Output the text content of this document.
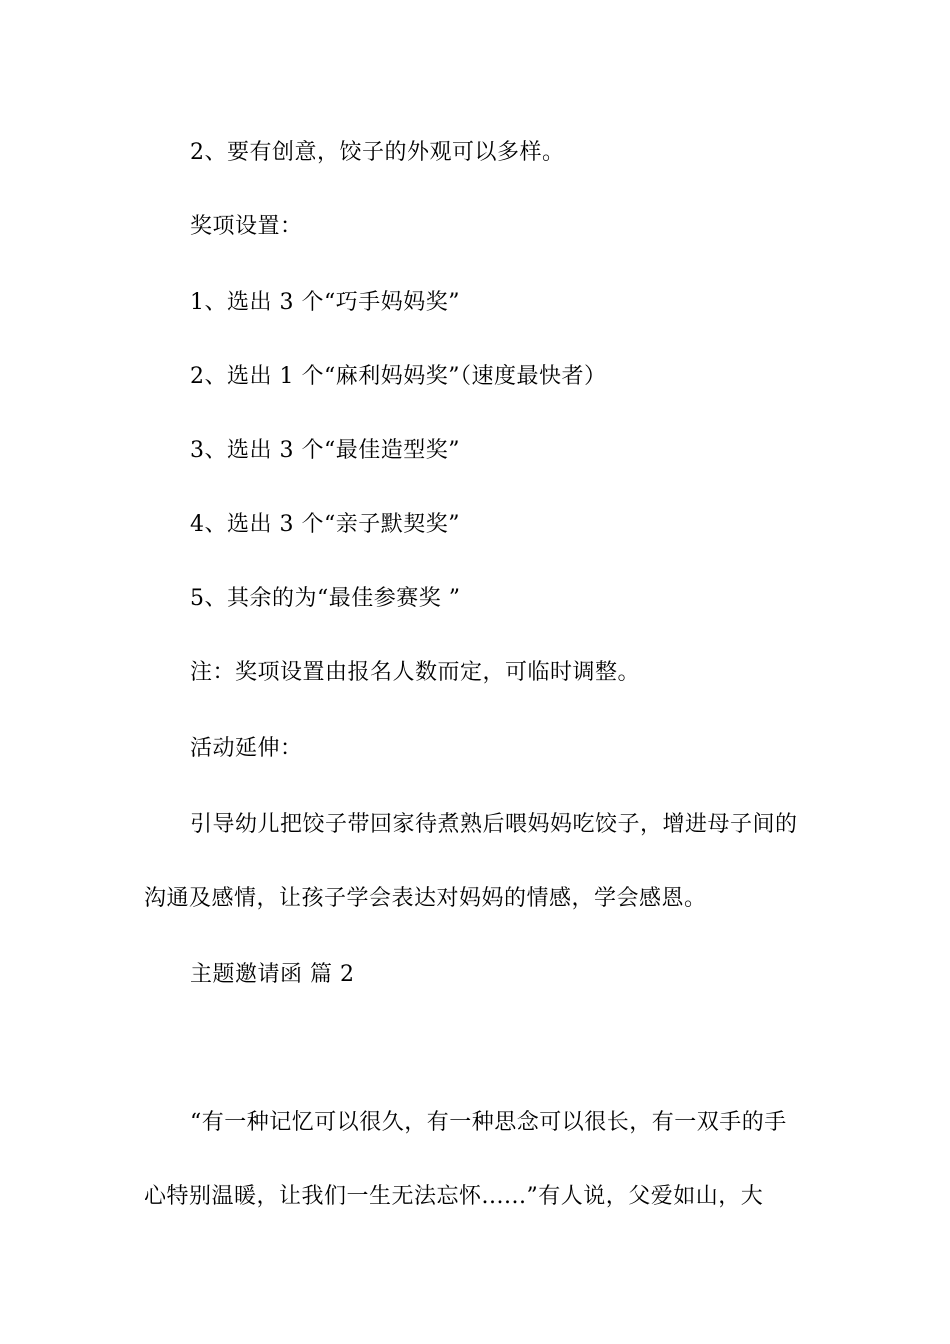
2、要有创意，饺子的外观可以多样。
奖项设置：
1、选出 3 个“巧手妈妈奖”
2、选出 1 个“麻利妈妈奖”（速度最快者）
3、选出 3 个“最佳造型奖”
4、选出 3 个“亲子默契奖”
5、其余的为“最佳参赛奖 ”
注：奖项设置由报名人数而定，可临时调整。
活动延伸：
引导幼儿把饺子带回家待煮熟后喂妈妈吃饺子，增进母子间的
沟通及感情，让孩子学会表达对妈妈的情感，学会感恩。
主题邀请函 篇 2
“有一种记忆可以很久，有一种思念可以很长，有一双手的手
心特别温暖，让我们一生无法忘怀......”有人说，父爱如山，大
